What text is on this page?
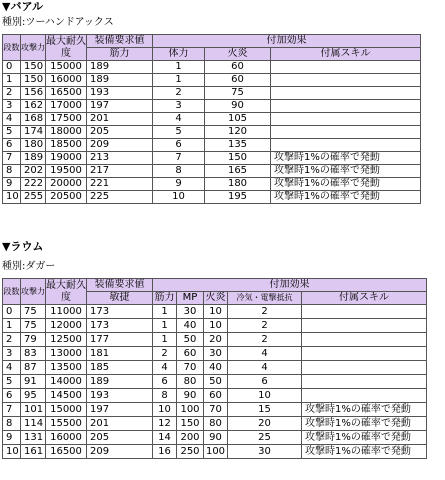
▼バアル
種別:ツーハンドアックス
段数	攻撃力	最大耐久度	装備要求値	付加効果		
			筋力	体力	火炎	付属スキル
0	150	15000	189	1	60	
1	150	16000	189	1	60	
2	156	16500	193	2	75	
3	162	17000	197	3	90	
4	168	17500	201	4	105	
5	174	18000	205	5	120	
6	180	18500	209	6	135	
7	189	19000	213	7	150	攻撃時1%の確率で発動
8	202	19500	217	8	165	攻撃時1%の確率で発動
9	222	20000	221	9	180	攻撃時1%の確率で発動
10	255	20500	225	10	195	攻撃時1%の確率で発動
▼ラウム
種別:ダガー
段数	攻撃力	最大耐久度	装備要求値	付加効果				
			敏捷	筋力	MP	火炎	冷気・電撃抵抗	付属スキル
0	75	11000	173	1	30	10	2	
1	75	12000	173	1	40	10	2	
2	79	12500	177	1	50	20	2	
3	83	13000	181	2	60	30	4	
4	87	13500	185	4	70	40	4	
5	91	14000	189	6	80	50	6	
6	95	14500	193	8	90	60	10	
7	101	15000	197	10	100	70	15	攻撃時1%の確率で発動
8	114	15500	201	12	150	80	20	攻撃時1%の確率で発動
9	131	16000	205	14	200	90	25	攻撃時1%の確率で発動
10	161	16500	209	16	250	100	30	攻撃時1%の確率で発動
